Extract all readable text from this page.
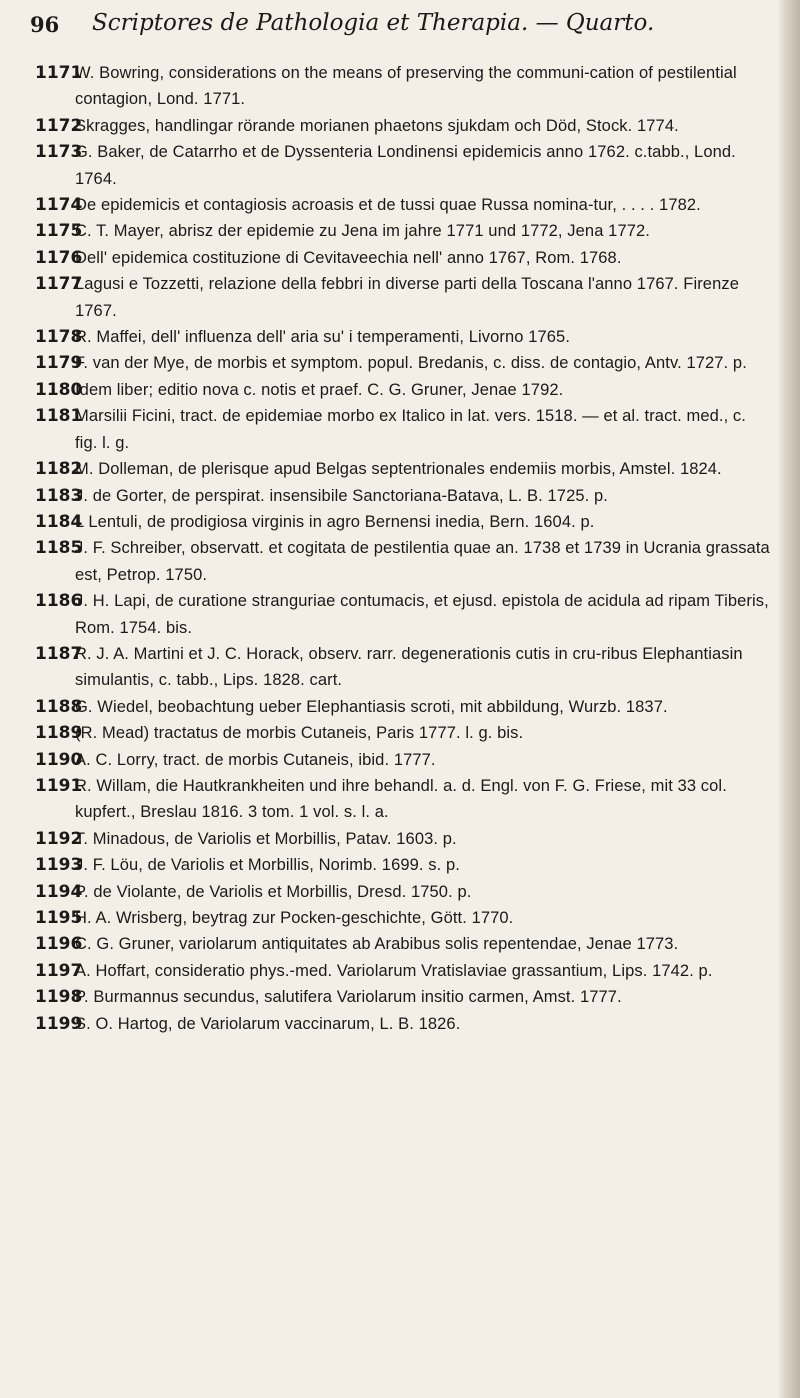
96 Scriptores de Pathologia et Therapia. — Quarto.
1171
W. Bowring, considerations on the means of preserving the communi-cation of pestilential contagion, Lond. 1771.
1172
Skragges, handlingar rörande morianen phaetons sjukdam och Död, Stock. 1774.
1173
G. Baker, de Catarrho et de Dyssenteria Londinensi epidemicis anno 1762. c.tabb., Lond. 1764.
1174
De epidemicis et contagiosis acroasis et de tussi quae Russa nomina-tur, . . . . 1782.
1175
C. T. Mayer, abrisz der epidemie zu Jena im jahre 1771 und 1772, Jena 1772.
1176
Dell' epidemica costituzione di Cevitaveechia nell' anno 1767, Rom. 1768.
1177
Lagusi e Tozzetti, relazione della febbri in diverse parti della Toscana l'anno 1767. Firenze 1767.
1178
R. Maffei, dell' influenza dell' aria su' i temperamenti, Livorno 1765.
1179
F. van der Mye, de morbis et symptom. popul. Bredanis, c. diss. de contagio, Antv. 1727. p.
1180
Idem liber; editio nova c. notis et praef. C. G. Gruner, Jenae 1792.
1181
Marsilii Ficini, tract. de epidemiae morbo ex Italico in lat. vers. 1518. — et al. tract. med., c. fig. l. g.
1182
M. Dolleman, de plerisque apud Belgas septentrionales endemiis morbis, Amstel. 1824.
1183
J. de Gorter, de perspirat. insensibile Sanctoriana-Batava, L. B. 1725. p.
1184
L Lentuli, de prodigiosa virginis in agro Bernensi inedia, Bern. 1604. p.
1185
J. F. Schreiber, observatt. et cogitata de pestilentia quae an. 1738 et 1739 in Ucrania grassata est, Petrop. 1750.
1186
J. H. Lapi, de curatione stranguriae contumacis, et ejusd. epistola de acidula ad ripam Tiberis, Rom. 1754. bis.
1187
R. J. A. Martini et J. C. Horack, observ. rarr. degenerationis cutis in cru-ribus Elephantiasin simulantis, c. tabb., Lips. 1828. cart.
1188
G. Wiedel, beobachtung ueber Elephantiasis scroti, mit abbildung, Wurzb. 1837.
1189
(R. Mead) tractatus de morbis Cutaneis, Paris 1777. l. g. bis.
1190
A. C. Lorry, tract. de morbis Cutaneis, ibid. 1777.
1191
R. Willam, die Hautkrankheiten und ihre behandl. a. d. Engl. von F. G. Friese, mit 33 col. kupfert., Breslau 1816. 3 tom. 1 vol. s. l. a.
1192
T. Minadous, de Variolis et Morbillis, Patav. 1603. p.
1193
J. F. Löu, de Variolis et Morbillis, Norimb. 1699. s. p.
1194
P. de Violante, de Variolis et Morbillis, Dresd. 1750. p.
1195
H. A. Wrisberg, beytrag zur Pocken-geschichte, Gött. 1770.
1196
C. G. Gruner, variolarum antiquitates ab Arabibus solis repentendae, Jenae 1773.
1197
A. Hoffart, consideratio phys.-med. Variolarum Vratislaviae grassantium, Lips. 1742. p.
1198
P. Burmannus secundus, salutifera Variolarum insitio carmen, Amst. 1777.
1199
S. O. Hartog, de Variolarum vaccinarum, L. B. 1826.
